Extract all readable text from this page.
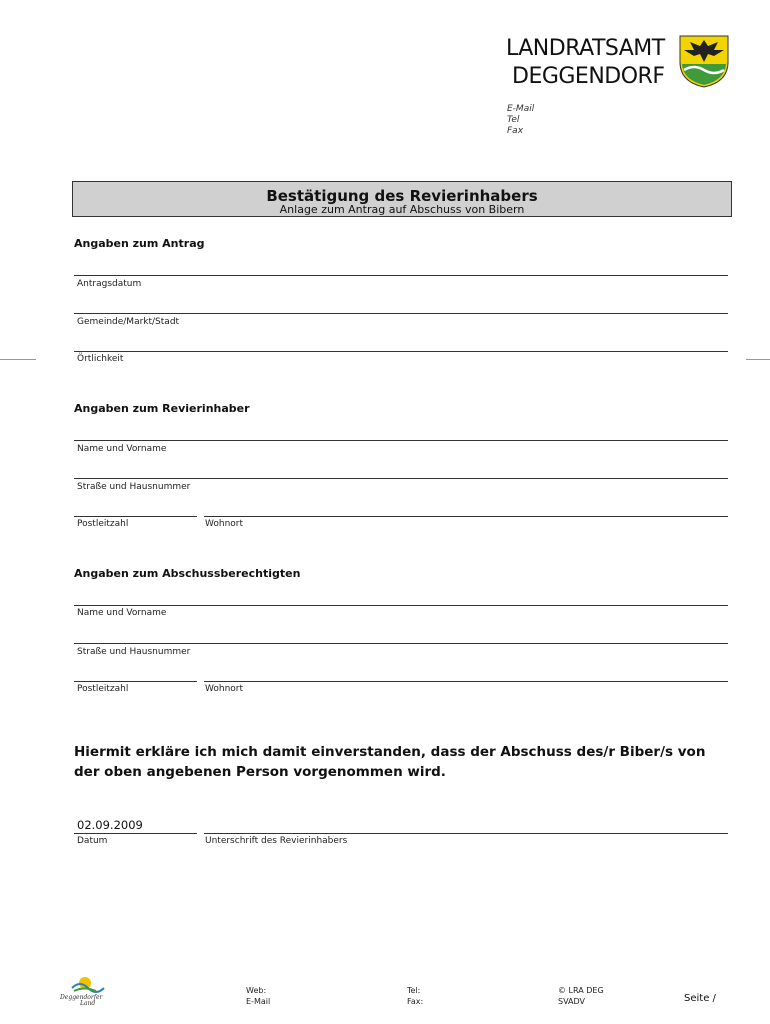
LANDRATSAMT
DEGGENDORF
E-Mail
Tel
Fax
Bestätigung des Revierinhabers
Anlage zum Antrag auf Abschuss von Bibern
Angaben zum Antrag
Antragsdatum
Gemeinde/Markt/Stadt
Örtlichkeit
Angaben zum Revierinhaber
Name und Vorname
Straße und Hausnummer
Postleitzahl	Wohnort
Angaben zum Abschussberechtigten
Name und Vorname
Straße und Hausnummer
Postleitzahl	Wohnort
Hiermit erkläre ich mich damit einverstanden, dass der Abschuss des/r Biber/s von der oben angebenen Person vorgenommen wird.
02.09.2009
Datum	Unterschrift des Revierinhabers
Deggendorfer
Land
Web:
E-Mail
Tel:
Fax:
© LRA DEG
SVADV	Seite /
